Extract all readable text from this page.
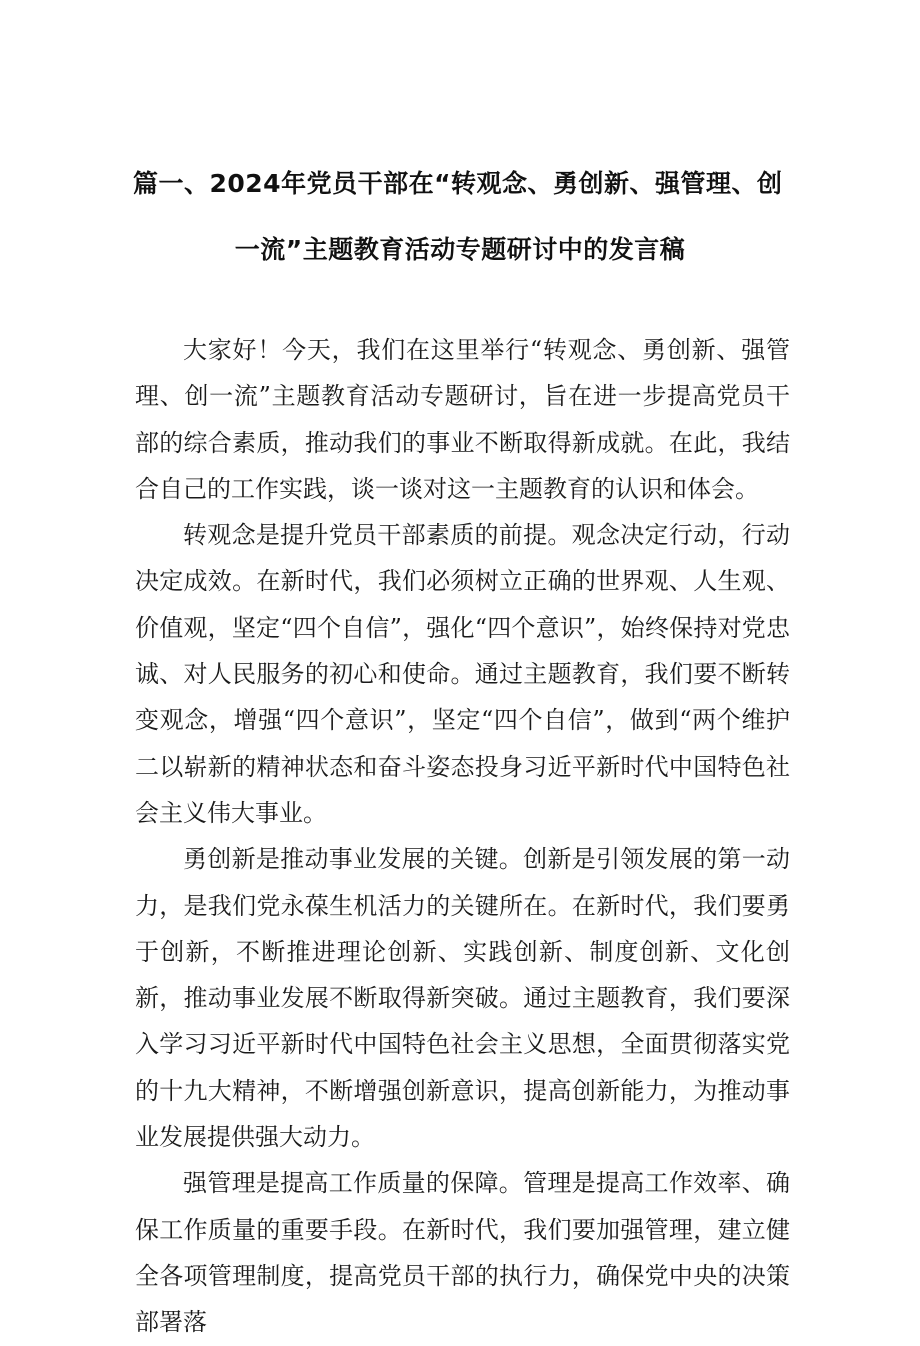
篇一、2024年党员干部在“转观念、勇创新、强管理、创
一流”主题教育活动专题研讨中的发言稿

大家好！今天，我们在这里举行“转观念、勇创新、强管理、创一流”主题教育活动专题研讨，旨在进一步提高党员干部的综合素质，推动我们的事业不断取得新成就。在此，我结合自己的工作实践，谈一谈对这一主题教育的认识和体会。

转观念是提升党员干部素质的前提。观念决定行动，行动决定成效。在新时代，我们必须树立正确的世界观、人生观、价值观，坚定“四个自信”，强化“四个意识”，始终保持对党忠诚、对人民服务的初心和使命。通过主题教育，我们要不断转变观念，增强“四个意识”，坚定“四个自信”，做到“两个维护二以崭新的精神状态和奋斗姿态投身习近平新时代中国特色社会主义伟大事业。

勇创新是推动事业发展的关键。创新是引领发展的第一动力，是我们党永葆生机活力的关键所在。在新时代，我们要勇于创新，不断推进理论创新、实践创新、制度创新、文化创新，推动事业发展不断取得新突破。通过主题教育，我们要深入学习习近平新时代中国特色社会主义思想，全面贯彻落实党的十九大精神，不断增强创新意识，提高创新能力，为推动事业发展提供强大动力。

强管理是提高工作质量的保障。管理是提高工作效率、确保工作质量的重要手段。在新时代，我们要加强管理，建立健全各项管理制度，提高党员干部的执行力，确保党中央的决策部署落
